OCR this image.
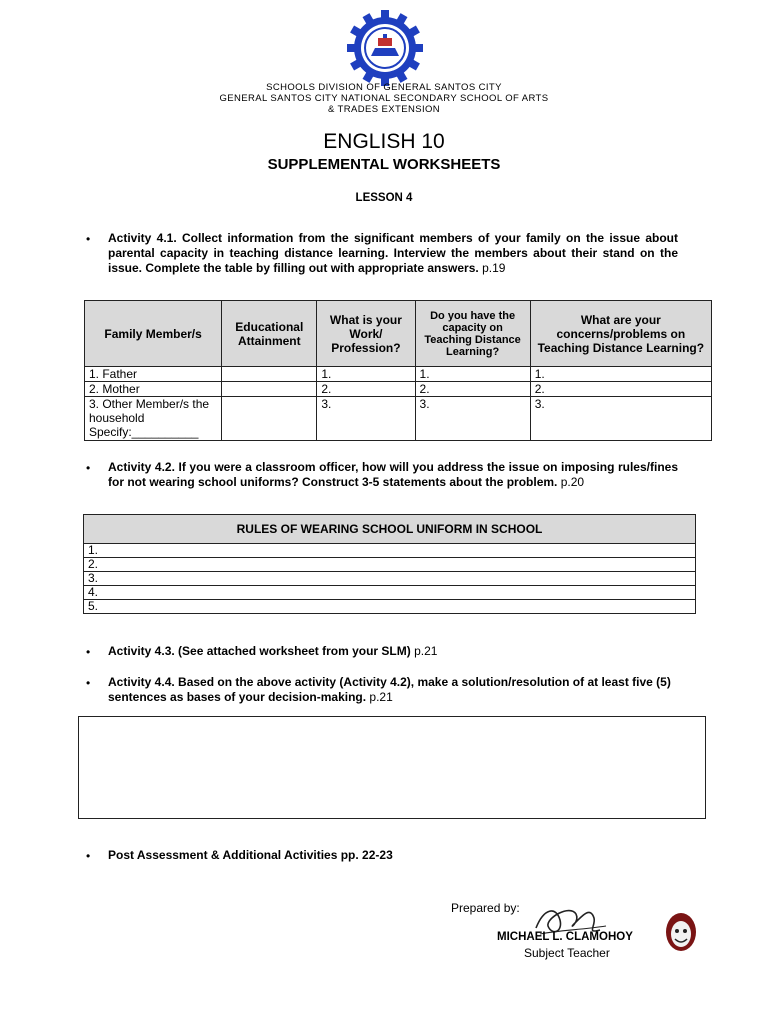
SCHOOLS DIVISION OF GENERAL SANTOS CITY
GENERAL SANTOS CITY NATIONAL SECONDARY SCHOOL OF ARTS
& TRADES EXTENSION
ENGLISH 10
SUPPLEMENTAL WORKSHEETS
LESSON 4
• Activity 4.1. Collect information from the significant members of your family on the issue about parental capacity in teaching distance learning. Interview the members about their stand on the issue. Complete the table by filling out with appropriate answers. p.19
Family Member/s	Educational Attainment	What is your Work/ Profession?	Do you have the capacity on Teaching Distance Learning?	What are your concerns/problems on Teaching Distance Learning?
1. Father		1.	1.	1.
2. Mother		2.	2.	2.

3. Other Member/s the household
Specify:__________		3.	3.	3.
• Activity 4.2. If you were a classroom officer, how will you address the issue on imposing rules/fines for not wearing school uniforms? Construct 3-5 statements about the problem. p.20
RULES OF WEARING SCHOOL UNIFORM IN SCHOOL
1.
2.
3.
4.
5.
• Activity 4.3. (See attached worksheet from your SLM) p.21
• Activity 4.4. Based on the above activity (Activity 4.2), make a solution/resolution of at least five (5) sentences as bases of your decision-making. p.21
• Post Assessment & Additional Activities pp. 22-23
Prepared by:
MICHAEL L. CLAMOHOY
Subject Teacher
